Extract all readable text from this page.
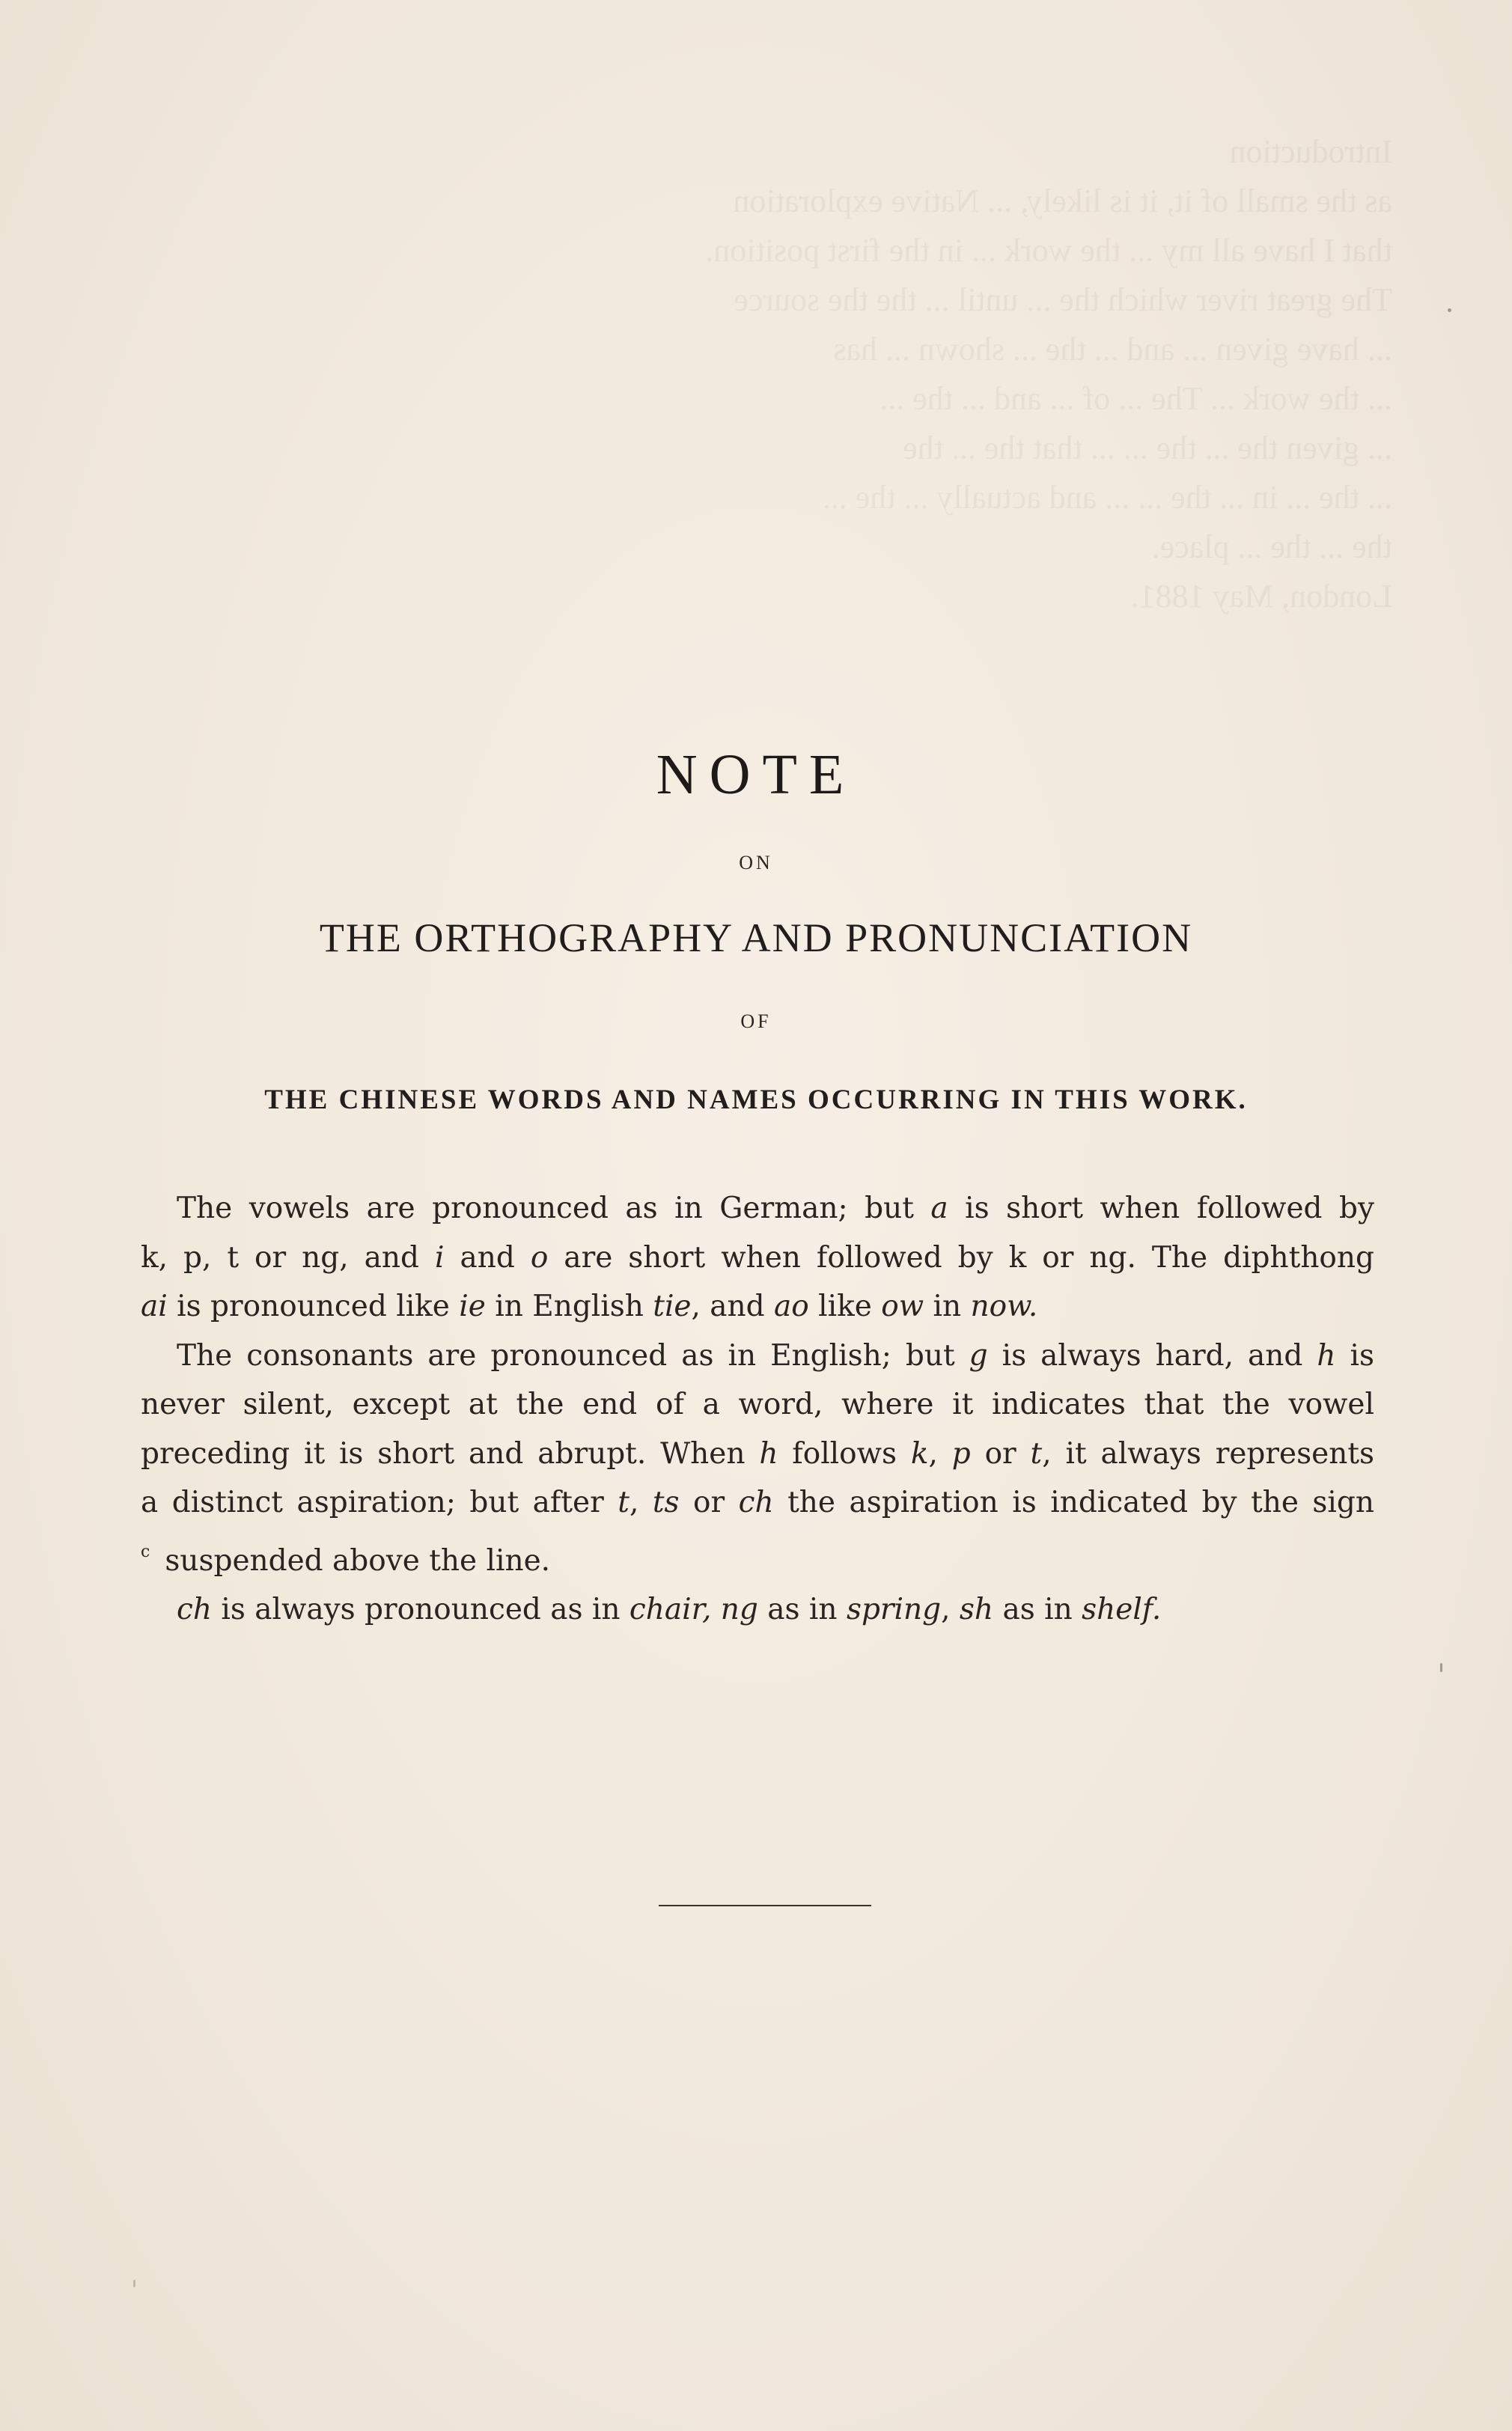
NOTE
ON
THE ORTHOGRAPHY AND PRONUNCIATION
OF
THE CHINESE WORDS AND NAMES OCCURRING IN THIS WORK.

The vowels are pronounced as in German; but a is short when followed by
k, p, t or ng, and i and o are short when followed by k or ng. The diphthong
ai is pronounced like ie in English tie, and ao like ow in now.

The consonants are pronounced as in English; but g is always hard, and h is
never silent, except at the end of a word, where it indicates that the vowel
preceding it is short and abrupt. When h follows k, p or t, it always represents
a distinct aspiration; but after t, ts or ch the aspiration is indicated by the sign
$^c$ suspended above the line.

ch is always pronounced as in chair, ng as in spring, sh as in shelf.
